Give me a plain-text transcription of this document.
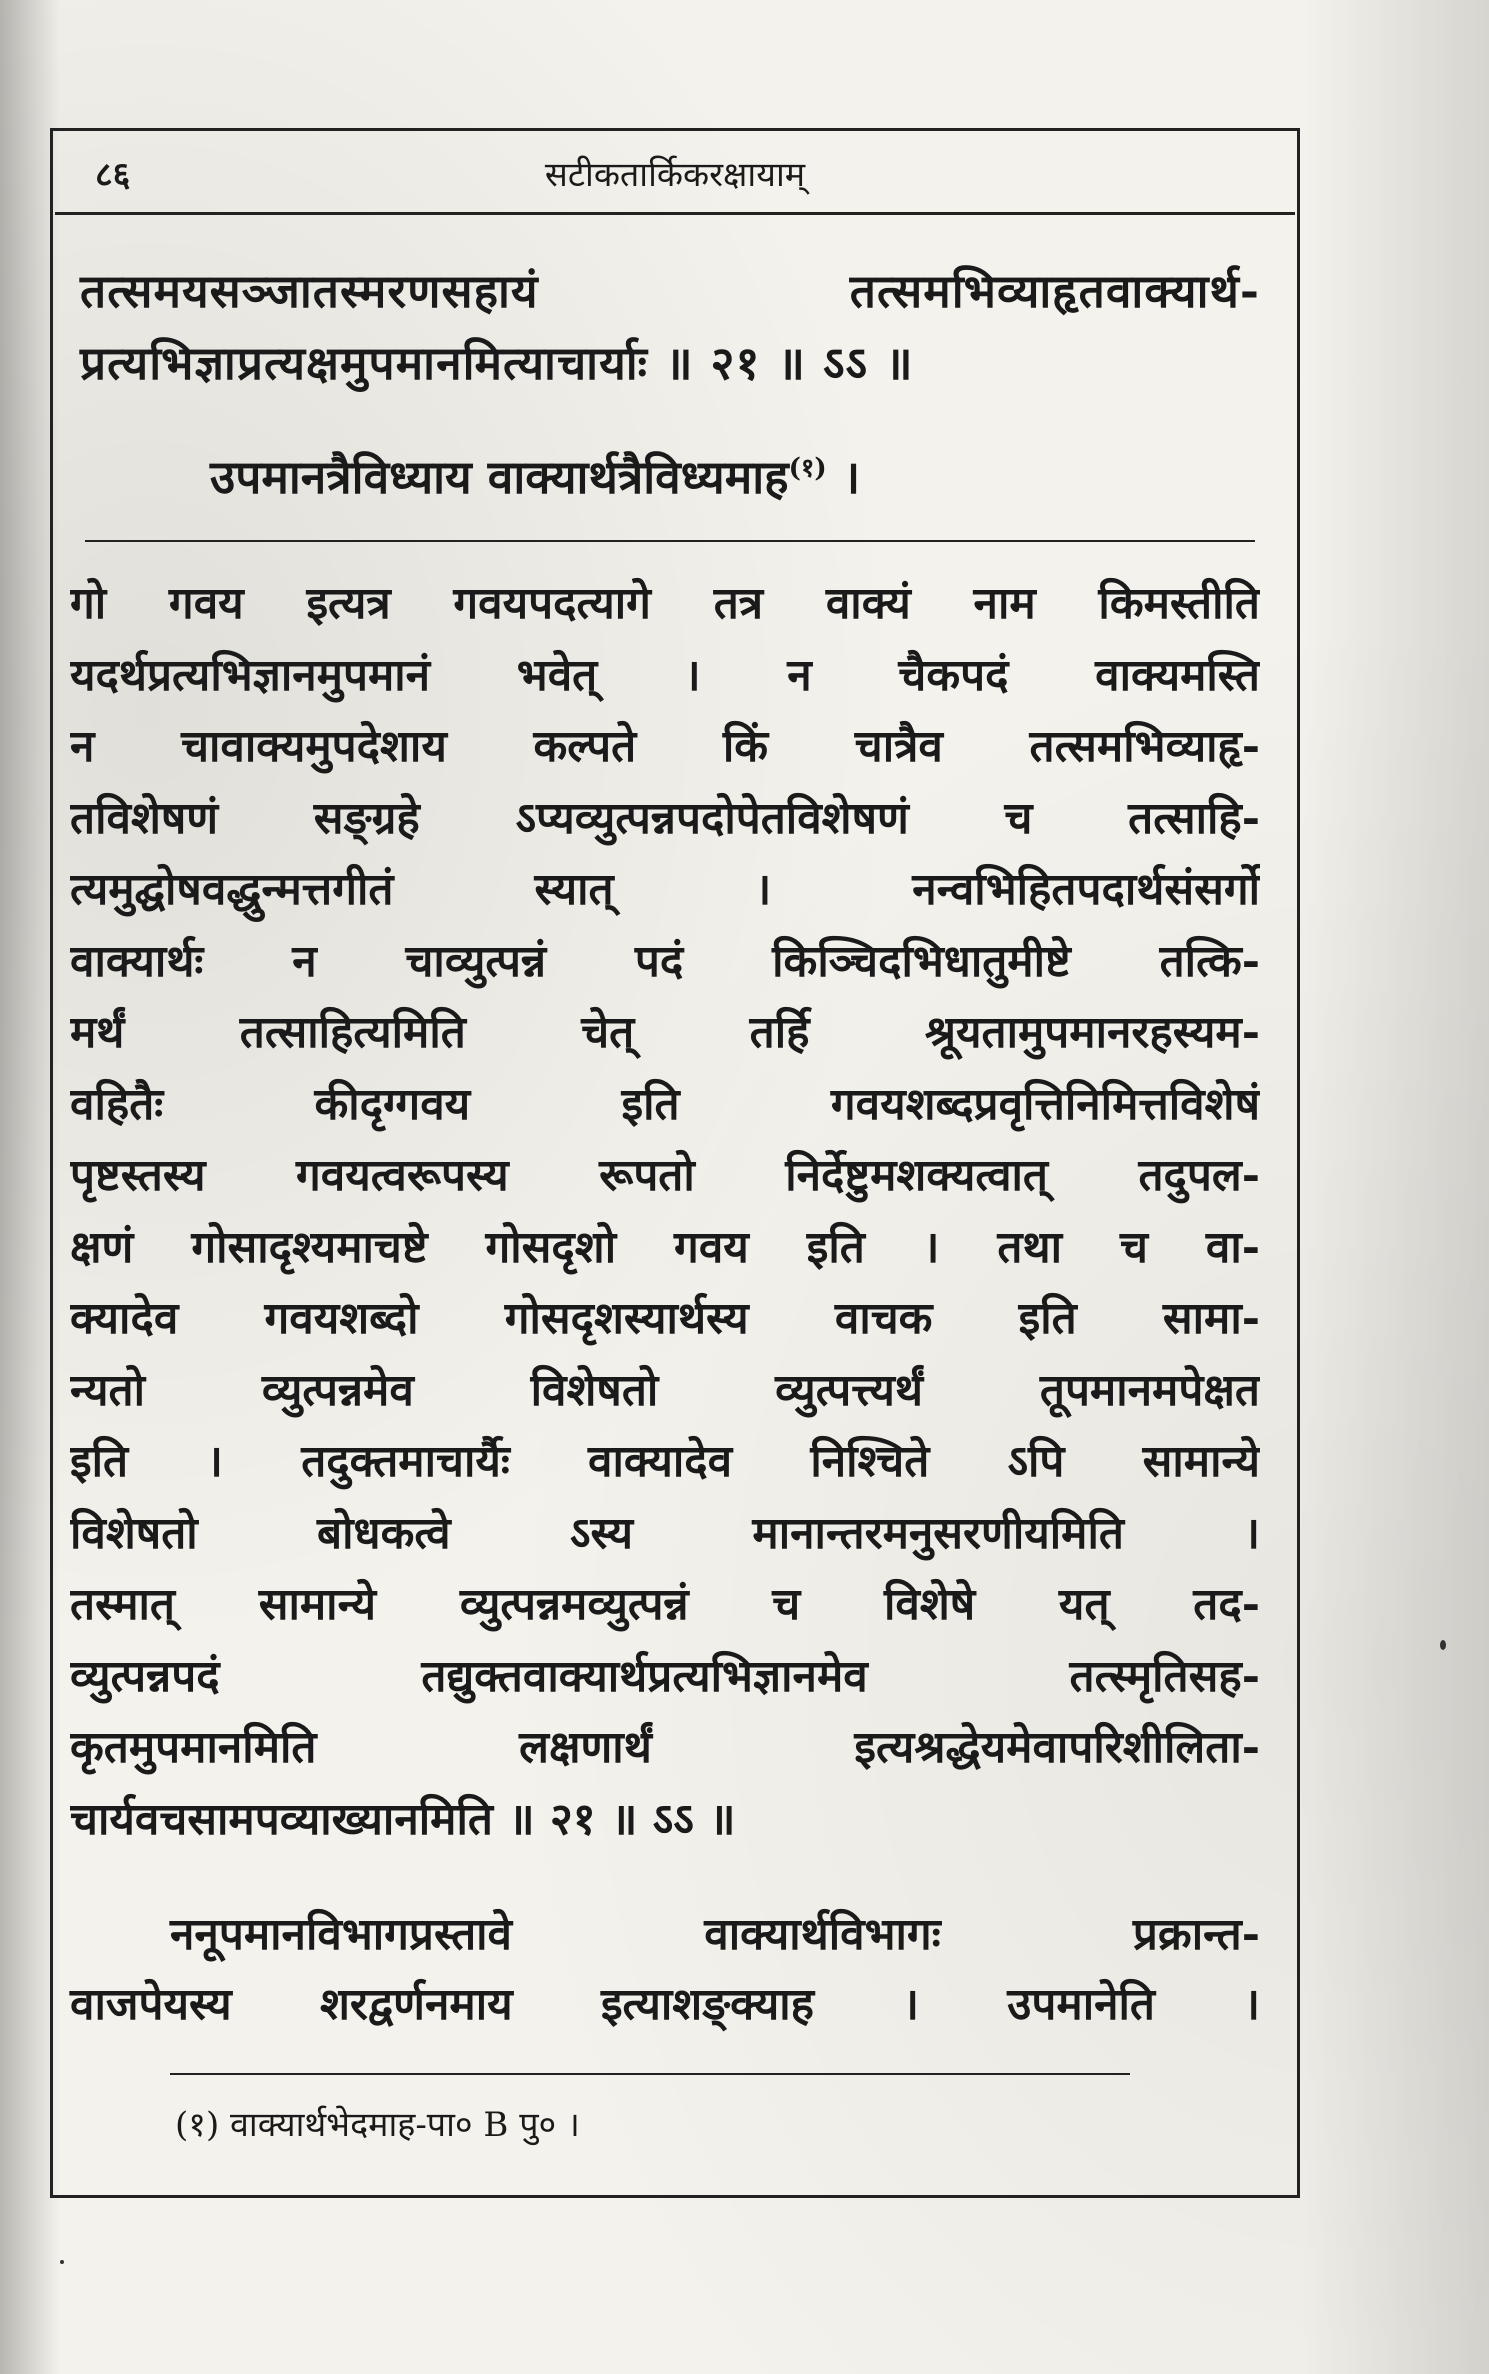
८६	सटीकतार्किकरक्षायाम्
तत्समयसञ्जातस्मरणसहायं तत्समभिव्याहृतवाक्यार्थ-
प्रत्यभिज्ञाप्रत्यक्षमुपमानमित्याचार्याः ॥ २१ ॥ ऽऽ ॥
उपमानत्रैविध्याय वाक्यार्थत्रैविध्यमाह$^{(१)}$ ।
गो गवय इत्यत्र गवयपदत्यागे तत्र वाक्यं नाम किमस्तीति
यदर्थप्रत्यभिज्ञानमुपमानं भवेत् । न चैकपदं वाक्यमस्ति
न चावाक्यमुपदेशाय कल्पते किं चात्रैव तत्समभिव्याहृ-
तविशेषणं सङ्ग्रहे ऽप्यव्युत्पन्नपदोपेतविशेषणं च तत्साहि-
त्यमुद्घोषवद्धुन्मत्तगीतं स्यात् । नन्वभिहितपदार्थसंसर्गो
वाक्यार्थः न चाव्युत्पन्नं पदं किञ्चिदभिधातुमीष्टे तत्कि-
मर्थं तत्साहित्यमिति चेत् तर्हि श्रूयतामुपमानरहस्यम-
वहितैः कीदृग्गवय इति गवयशब्दप्रवृत्तिनिमित्तविशेषं
पृष्टस्तस्य गवयत्वरूपस्य रूपतो निर्देष्टुमशक्यत्वात् तदुपल-
क्षणं गोसादृश्यमाचष्टे गोसदृशो गवय इति । तथा च वा-
क्यादेव गवयशब्दो गोसदृशस्यार्थस्य वाचक इति सामा-
न्यतो व्युत्पन्नमेव विशेषतो व्युत्पत्त्यर्थं तूपमानमपेक्षत
इति । तदुक्तमाचार्यैः वाक्यादेव निश्चिते ऽपि सामान्ये
विशेषतो बोधकत्वे ऽस्य मानान्तरमनुसरणीयमिति ।
तस्मात् सामान्ये व्युत्पन्नमव्युत्पन्नं च विशेषे यत् तद-
व्युत्पन्नपदं तद्युक्तवाक्यार्थप्रत्यभिज्ञानमेव तत्स्मृतिसह-
कृतमुपमानमिति लक्षणार्थं इत्यश्रद्धेयमेवापरिशीलिता-
चार्यवचसामपव्याख्यानमिति ॥ २१ ॥ ऽऽ ॥
ननूपमानविभागप्रस्तावे वाक्यार्थविभागः प्रक्रान्त-
वाजपेयस्य शरद्वर्णनमाय इत्याशङ्क्याह । उपमानेति ।
(१) वाक्यार्थभेदमाह-पा० B पु० ।
